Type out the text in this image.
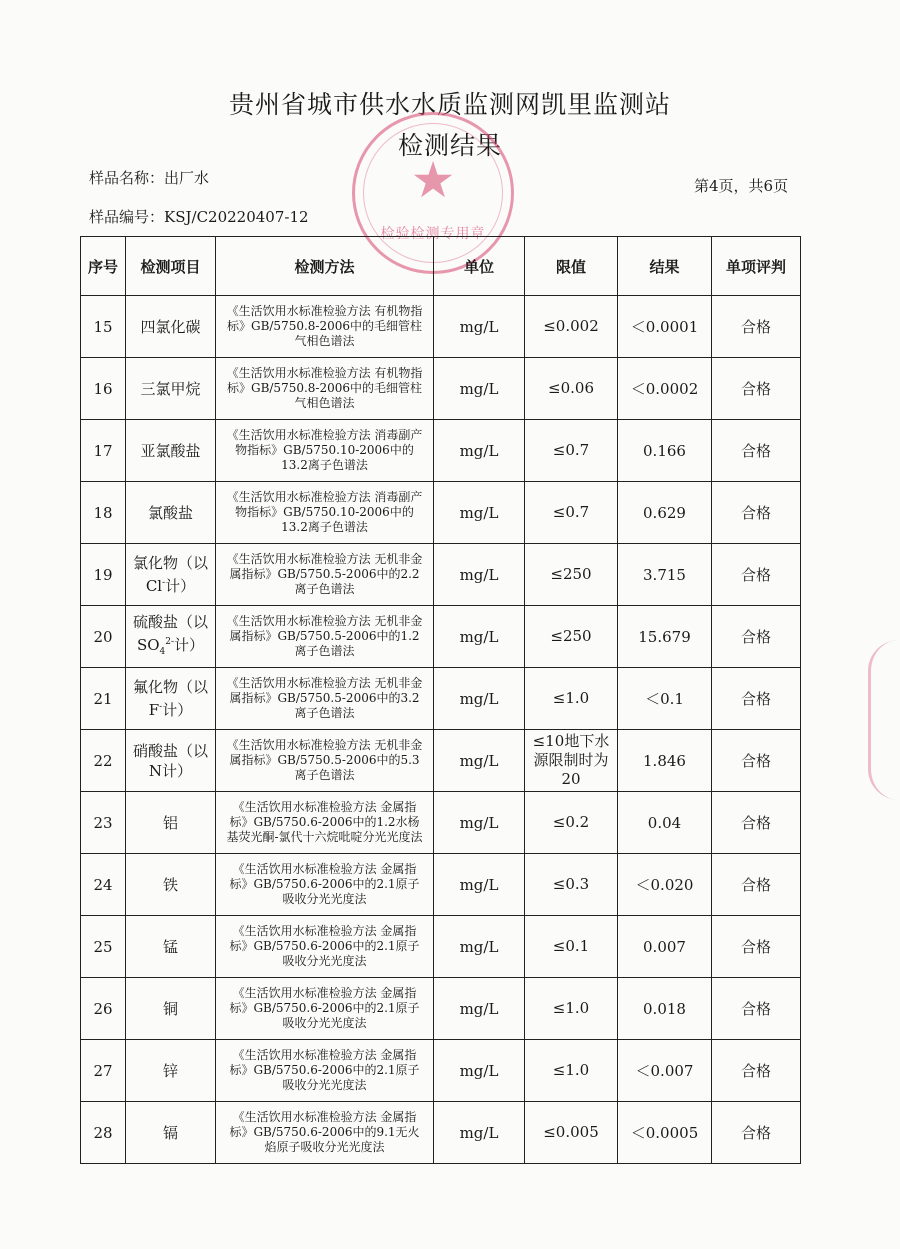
贵州省城市供水水质监测网凯里监测站
检测结果
样品名称：出厂水	第4页，共6页
样品编号：KSJ/C20220407-12
★
检验检测专用章
序号	检测项目	检测方法	单位	限值	结果	单项评判
15	四氯化碳	《生活饮用水标准检验方法 有机物指标》GB/5750.8-2006中的毛细管柱气相色谱法	mg/L	≤0.002	＜0.0001	合格
16	三氯甲烷	《生活饮用水标准检验方法 有机物指标》GB/5750.8-2006中的毛细管柱气相色谱法	mg/L	≤0.06	＜0.0002	合格
17	亚氯酸盐	《生活饮用水标准检验方法 消毒副产物指标》GB/5750.10-2006中的13.2离子色谱法	mg/L	≤0.7	0.166	合格
18	氯酸盐	《生活饮用水标准检验方法 消毒副产物指标》GB/5750.10-2006中的13.2离子色谱法	mg/L	≤0.7	0.629	合格
19	氯化物（以
Cl-计）	《生活饮用水标准检验方法 无机非金属指标》GB/5750.5-2006中的2.2离子色谱法	mg/L	≤250	3.715	合格
20	硫酸盐（以
$SO_4^{2-}$计）	《生活饮用水标准检验方法 无机非金属指标》GB/5750.5-2006中的1.2离子色谱法	mg/L	≤250	15.679	合格
21	氟化物（以
F-计）	《生活饮用水标准检验方法 无机非金属指标》GB/5750.5-2006中的3.2离子色谱法	mg/L	≤1.0	＜0.1	合格
22	硝酸盐（以
N计）	《生活饮用水标准检验方法 无机非金属指标》GB/5750.5-2006中的5.3离子色谱法	mg/L	≤10地下水源限制时为20	1.846	合格
23	铝	《生活饮用水标准检验方法 金属指标》GB/5750.6-2006中的1.2水杨基荧光酮-氯代十六烷吡啶分光光度法	mg/L	≤0.2	0.04	合格
24	铁	《生活饮用水标准检验方法 金属指标》GB/5750.6-2006中的2.1原子吸收分光光度法	mg/L	≤0.3	＜0.020	合格
25	锰	《生活饮用水标准检验方法 金属指标》GB/5750.6-2006中的2.1原子吸收分光光度法	mg/L	≤0.1	0.007	合格
26	铜	《生活饮用水标准检验方法 金属指标》GB/5750.6-2006中的2.1原子吸收分光光度法	mg/L	≤1.0	0.018	合格
27	锌	《生活饮用水标准检验方法 金属指标》GB/5750.6-2006中的2.1原子吸收分光光度法	mg/L	≤1.0	＜0.007	合格
28	镉	《生活饮用水标准检验方法 金属指标》GB/5750.6-2006中的9.1无火焰原子吸收分光光度法	mg/L	≤0.005	＜0.0005	合格
